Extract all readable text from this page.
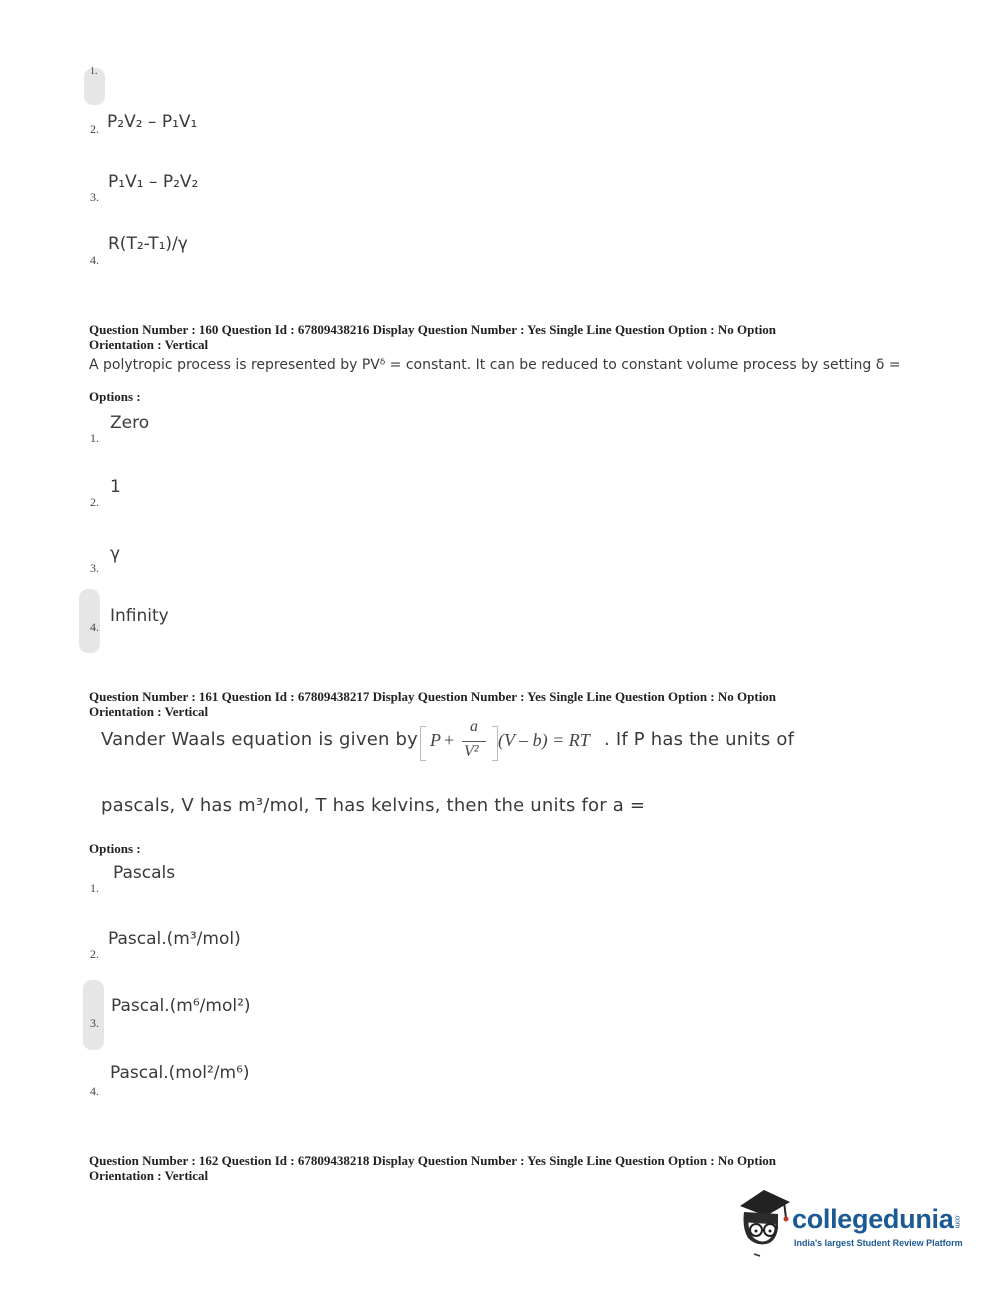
1.
2. P₂V₂ – P₁V₁
3.
P₁V₁ – P₂V₂
4.
R(T₂-T₁)/γ
Question Number : 160 Question Id : 67809438216 Display Question Number : Yes Single Line Question Option : No Option
Orientation : Vertical
A polytropic process is represented by PVᵟ = constant. It can be reduced to constant volume process by setting δ =
Options :
Zero
1.
1
2.
γ
3.
Infinity
4.
Question Number : 161 Question Id : 67809438217 Display Question Number : Yes Single Line Question Option : No Option
Orientation : Vertical
Vander Waals equation is given by P +
a
V²
(V – b) = RT . If P has the units of
pascals, V has m³/mol, T has kelvins, then the units for a =
Options :
Pascals
1.
Pascal.(m³/mol)
2.
Pascal.(m⁶/mol²)
3.
Pascal.(mol²/m⁶)
4.
Question Number : 162 Question Id : 67809438218 Display Question Number : Yes Single Line Question Option : No Option
Orientation : Vertical
collegedunia.com
India's largest Student Review Platform
